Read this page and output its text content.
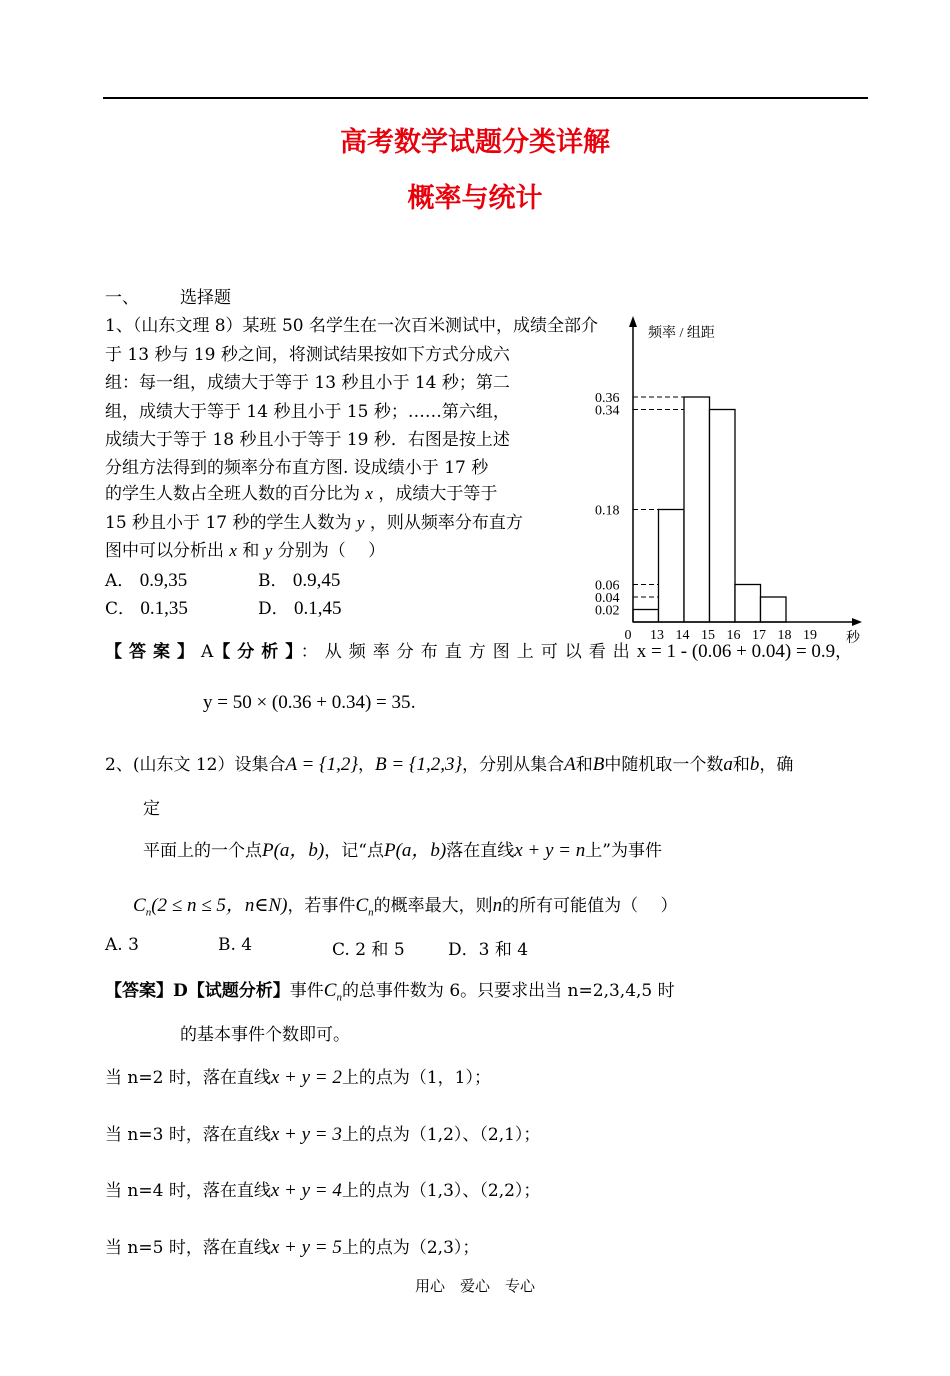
高考数学试题分类详解
概率与统计
一、 选择题
1、（山东文理 8）某班 50 名学生在一次百米测试中，成绩全部介
于 13 秒与 19 秒之间，将测试结果按如下方式分成六
组：每一组，成绩大于等于 13 秒且小于 14 秒；第二
组，成绩大于等于 14 秒且小于 15 秒；……第六组，
成绩大于等于 18 秒且小于等于 19 秒．右图是按上述
分组方法得到的频率分布直方图. 设成绩小于 17 秒
的学生人数占全班人数的百分比为 x ，成绩大于等于
15 秒且小于 17 秒的学生人数为 y ，则从频率分布直方
图中可以分析出 x 和 y 分别为（　 ）
A． 0.9,35	B． 0.9,45
C． 0.1,35	D． 0.1,45
【答案】A【分析】：从频率分布直方图上可以看出x = 1 - (0.06 + 0.04) = 0.9，
y = 50 × (0.36 + 0.34) = 35.
0.36
0.34
0.18
0.06
0.04
0.02
0 13 14 15 16 17 18 19
频率 / 组距
秒
2、(山东文 12）设集合A = {1,2}，B = {1,2,3}，分别从集合A和B中随机取一个数a和b，确
定
平面上的一个点P(a，b)，记“点P(a，b)落在直线x + y = n上”为事件
$C_n(2 \le n \le 5$，n∈N)，若事件$C_n$的概率最大，则n的所有可能值为（　 ）
A. 3	B. 4	C. 2 和 5	D．3 和 4
【答案】D【试题分析】事件$C_n$的总事件数为 6。只要求出当 n=2,3,4,5 时
的基本事件个数即可。
当 n=2 时，落在直线x + y = 2上的点为（1，1）；
当 n=3 时，落在直线x + y = 3上的点为（1,2）、（2,1）；
当 n=4 时，落在直线x + y = 4上的点为（1,3）、（2,2）；
当 n=5 时，落在直线x + y = 5上的点为（2,3）；
用心　爱心　专心
